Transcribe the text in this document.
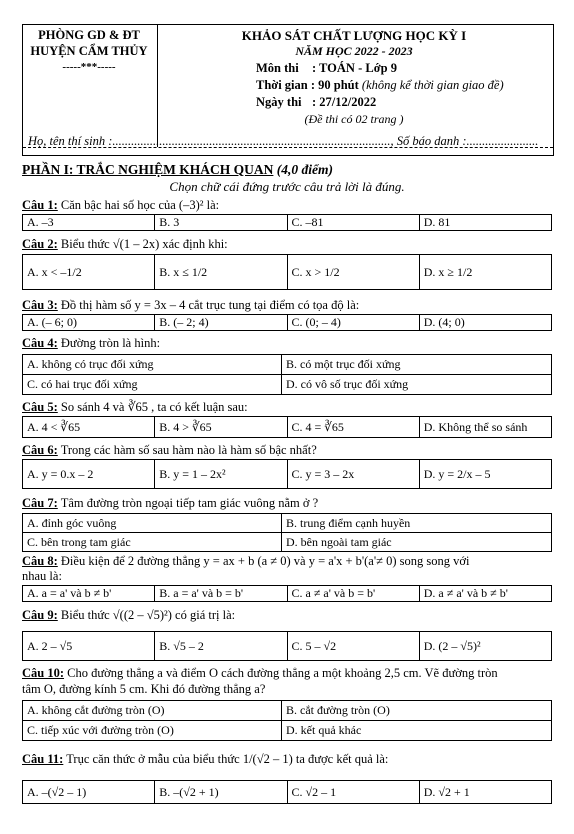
PHÒNG GD & ĐT
HUYỆN CẨM THỦY
-----***-----
KHẢO SÁT CHẤT LƯỢNG HỌC KỲ I
NĂM HỌC 2022 - 2023
Môn thi : TOÁN - Lớp 9
Thời gian : 90 phút (không kể thời gian giao đề)
Ngày thi : 27/12/2022
(Đề thi có 02 trang )
Họ, tên thí sinh :........................................................................................., Số báo danh :.......................
PHẦN I: TRẮC NGHIỆM KHÁCH QUAN (4,0 điểm)
Chọn chữ cái đứng trước câu trả lời là đúng.
Câu 1: Căn bậc hai số học của (–3)² là:
A. –3	B. 3	C. –81	D. 81
Câu 2: Biểu thức √(1 – 2x) xác định khi:
A. x < –1/2	B. x ≤ 1/2	C. x > 1/2	D. x ≥ 1/2
Câu 3: Đồ thị hàm số y = 3x – 4 cắt trục tung tại điểm có tọa độ là:
A. (– 6; 0)	B. (– 2; 4)	C. (0; – 4)	D. (4; 0)
Câu 4: Đường tròn là hình:
A. không có trục đối xứng	B. có một trục đối xứng
C. có hai trục đối xứng	D. có vô số trục đối xứng
Câu 5: So sánh 4 và ∛65 , ta có kết luận sau:
A. 4 < ∛65	B. 4 > ∛65	C. 4 = ∛65	D. Không thể so sánh
Câu 6: Trong các hàm số sau hàm nào là hàm số bậc nhất?
A. y = 0.x – 2	B. y = 1 – 2x²	C. y = 3 – 2x	D. y = 2/x – 5
Câu 7: Tâm đường tròn ngoại tiếp tam giác vuông nằm ở ?
A. đỉnh góc vuông	B. trung điểm cạnh huyền
C. bên trong tam giác	D. bên ngoài tam giác
Câu 8: Điều kiện để 2 đường thẳng y = ax + b (a ≠ 0) và y = a'x + b'(a'≠ 0) song song với
nhau là:
A. a = a' và b ≠ b'	B. a = a' và b = b'	C. a ≠ a' và b = b'	D. a ≠ a' và b ≠ b'
Câu 9: Biểu thức √((2 – √5)²) có giá trị là:
A. 2 – √5	B. √5 – 2	C. 5 – √2	D. (2 – √5)²
Câu 10: Cho đường thẳng a và điểm O cách đường thẳng a một khoảng 2,5 cm. Vẽ đường tròn
tâm O, đường kính 5 cm. Khi đó đường thẳng a?
A. không cắt đường tròn (O)	B. cắt đường tròn (O)
C. tiếp xúc với đường tròn (O)	D. kết quả khác
Câu 11: Trục căn thức ở mẫu của biểu thức 1/(√2 – 1) ta được kết quả là:
A. –(√2 – 1)	B. –(√2 + 1)	C. √2 – 1	D. √2 + 1
